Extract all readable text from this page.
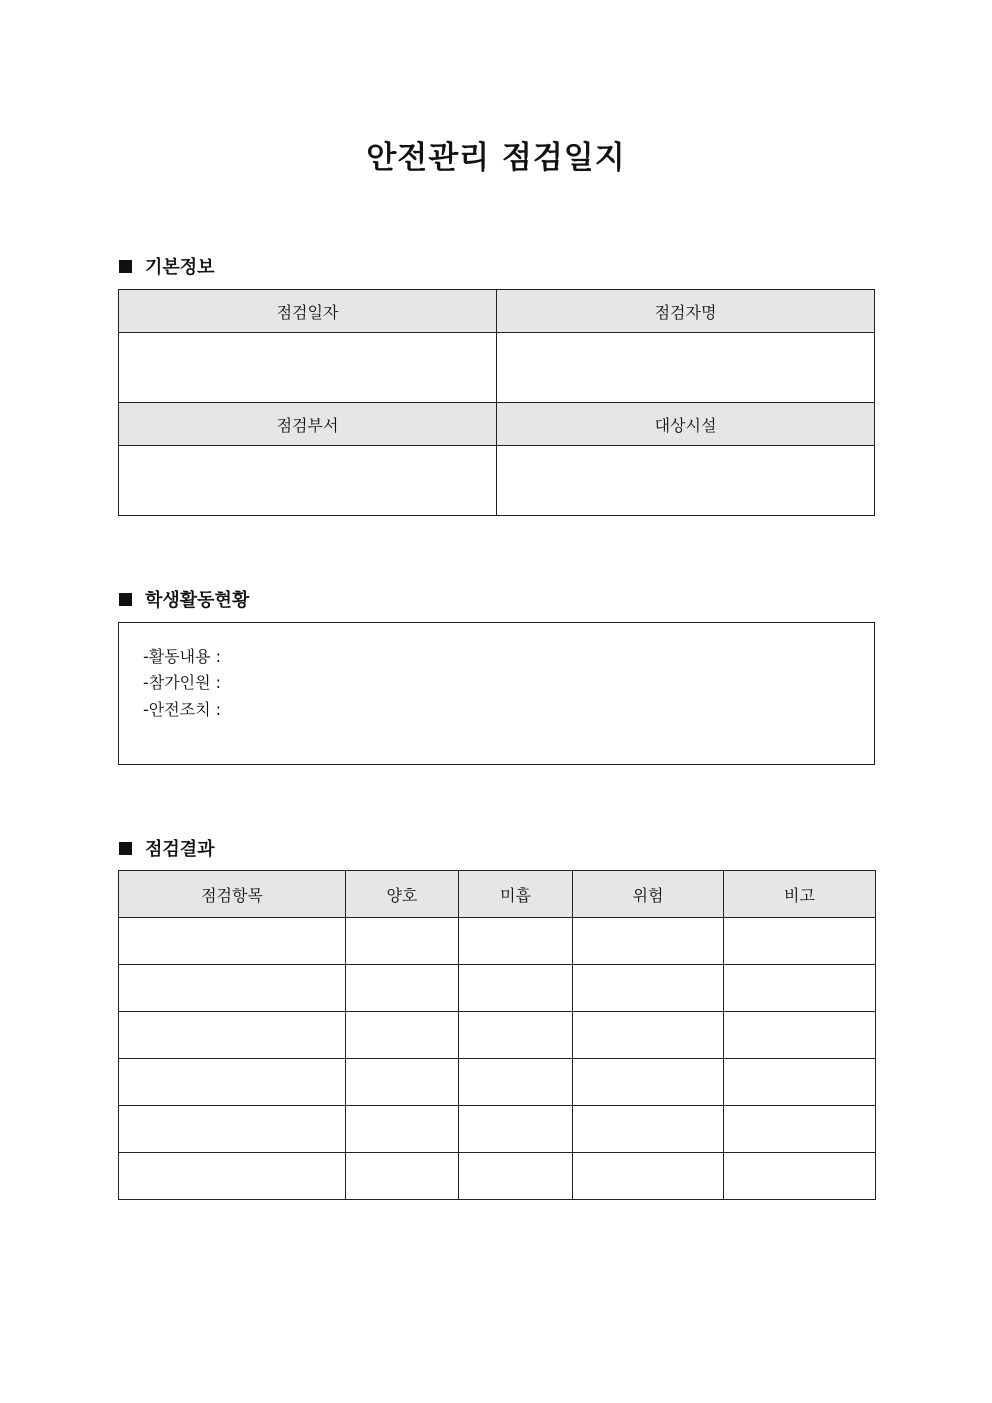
안전관리 점검일지
기본정보
점검일자	점검자명

점검부서	대상시설

학생활동현황
-활동내용 :
-참가인원 :
-안전조치 :
점검결과
점검항목	양호	미흡	위험	비고
